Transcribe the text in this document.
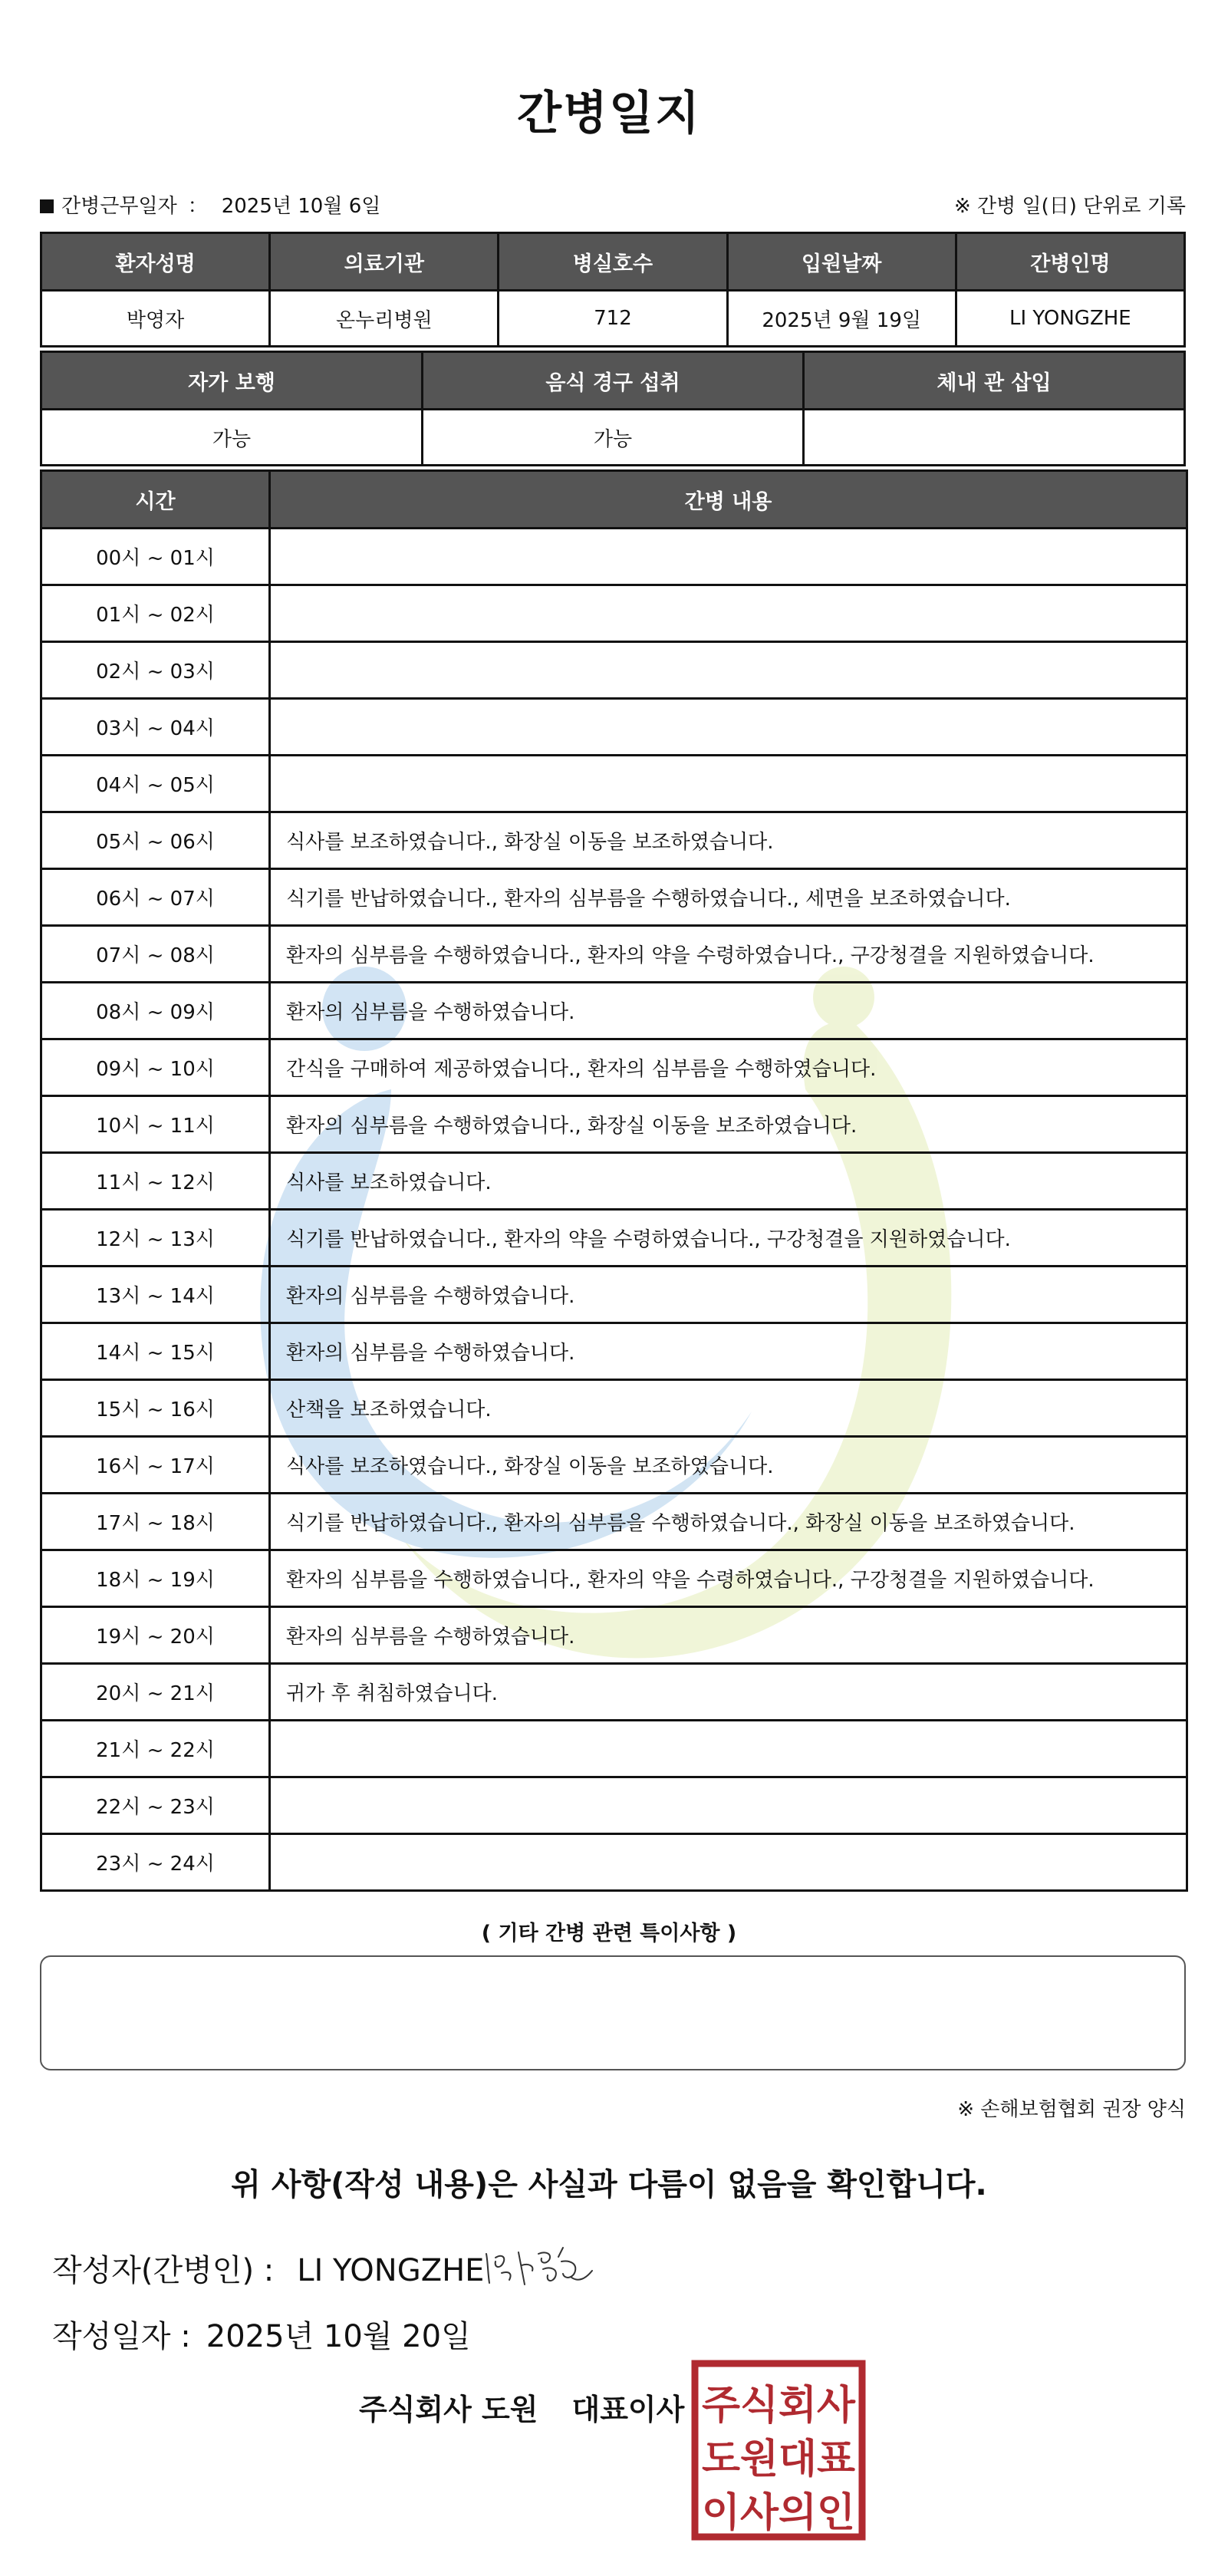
간병일지
간병근무일자 ： 2025년 10월 6일	※ 간병 일(日) 단위로 기록
환자성명	의료기관	병실호수	입원날짜	간병인명
박영자	온누리병원	712	2025년 9월 19일	LI YONGZHE
자가 보행	음식 경구 섭취	체내 관 삽입
가능	가능	
시간	간병 내용
00시 ~ 01시	
01시 ~ 02시	
02시 ~ 03시	
03시 ~ 04시	
04시 ~ 05시	
05시 ~ 06시	식사를 보조하였습니다., 화장실 이동을 보조하였습니다.
06시 ~ 07시	식기를 반납하였습니다., 환자의 심부름을 수행하였습니다., 세면을 보조하였습니다.
07시 ~ 08시	환자의 심부름을 수행하였습니다., 환자의 약을 수령하였습니다., 구강청결을 지원하였습니다.
08시 ~ 09시	환자의 심부름을 수행하였습니다.
09시 ~ 10시	간식을 구매하여 제공하였습니다., 환자의 심부름을 수행하였습니다.
10시 ~ 11시	환자의 심부름을 수행하였습니다., 화장실 이동을 보조하였습니다.
11시 ~ 12시	식사를 보조하였습니다.
12시 ~ 13시	식기를 반납하였습니다., 환자의 약을 수령하였습니다., 구강청결을 지원하였습니다.
13시 ~ 14시	환자의 심부름을 수행하였습니다.
14시 ~ 15시	환자의 심부름을 수행하였습니다.
15시 ~ 16시	산책을 보조하였습니다.
16시 ~ 17시	식사를 보조하였습니다., 화장실 이동을 보조하였습니다.
17시 ~ 18시	식기를 반납하였습니다., 환자의 심부름을 수행하였습니다., 화장실 이동을 보조하였습니다.
18시 ~ 19시	환자의 심부름을 수행하였습니다., 환자의 약을 수령하였습니다., 구강청결을 지원하였습니다.
19시 ~ 20시	환자의 심부름을 수행하였습니다.
20시 ~ 21시	귀가 후 취침하였습니다.
21시 ~ 22시	
22시 ~ 23시	
23시 ~ 24시	
( 기타 간병 관련 특이사항 )
※ 손해보험협회 권장 양식
위 사항(작성 내용)은 사실과 다름이 없음을 확인합니다.
작성자(간병인) : LI YONGZHE
작성일자 : 2025년 10월 20일
주식회사 도원 대표이사 주식회사
도원대표
이사의인
